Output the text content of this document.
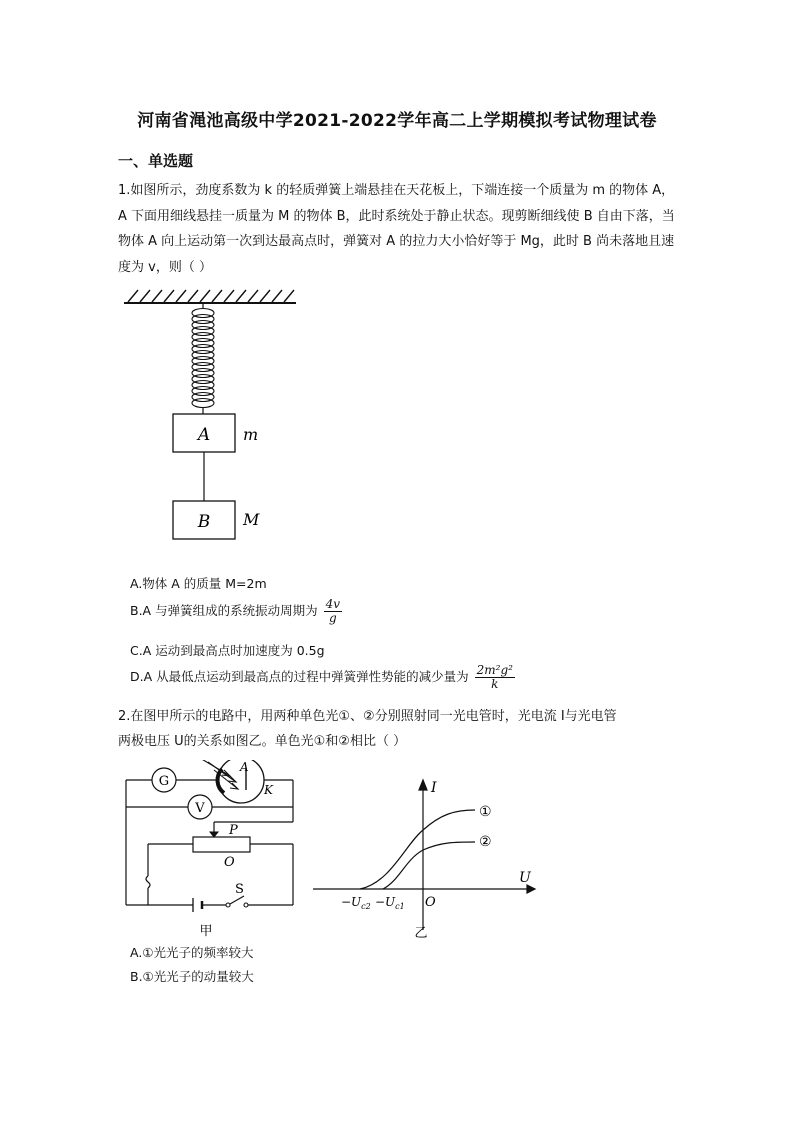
河南省渑池高级中学2021-2022学年高二上学期模拟考试物理试卷
一、单选题
1.如图所示，劲度系数为 k 的轻质弹簧上端悬挂在天花板上，下端连接一个质量为 m 的物体 A，A 下面用细线悬挂一质量为 M 的物体 B，此时系统处于静止状态。现剪断细线使 B 自由下落，当物体 A 向上运动第一次到达最高点时，弹簧对 A 的拉力大小恰好等于 Mg，此时 B 尚未落地且速度为 v，则（ ）
A m
B M
A.物体 A 的质量 M=2m
B.A 与弹簧组成的系统振动周期为 $\frac{4v}{g}$
C.A 运动到最高点时加速度为 0.5g
D.A 从最低点运动到最高点的过程中弹簧弹性势能的减少量为 $\frac{\text{2m²g²}}{k}$
2.在图甲所示的电路中，用两种单色光①、②分别照射同一光电管时，光电流 I与光电管
两极电压 U的关系如图乙。单色光①和②相比（ ）
G
V
A
K
P
O
S
甲
I
U
O
①
②
$-U_{c2} -U_{c1}$
乙
A.①光光子的频率较大
B.①光光子的动量较大
